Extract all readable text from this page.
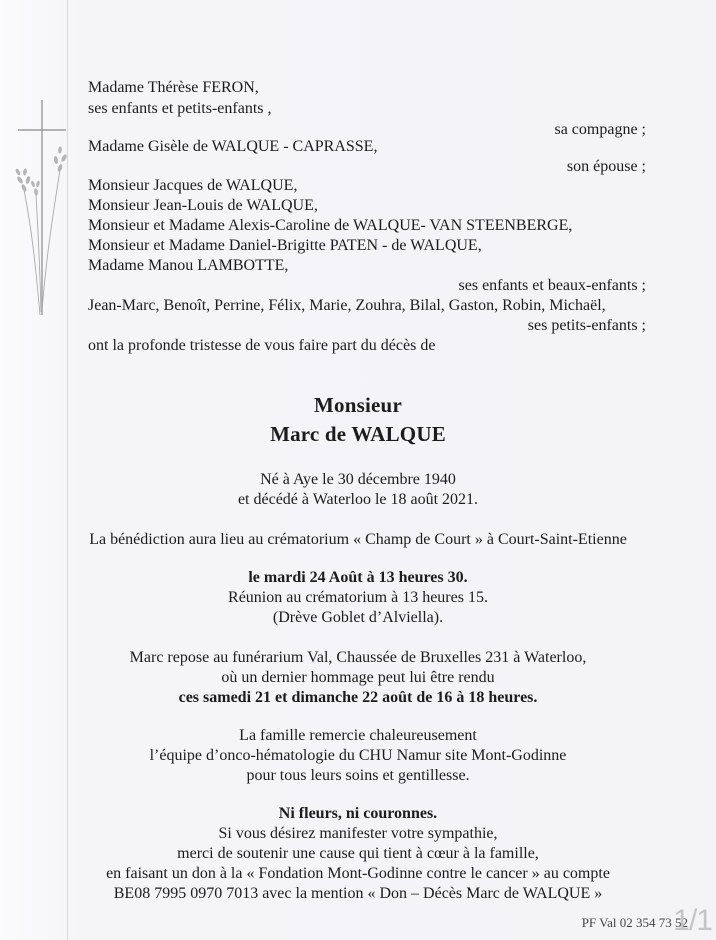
Madame Thérèse FERON,
ses enfants et petits-enfants ,
sa compagne ;
Madame Gisèle de WALQUE - CAPRASSE,
son épouse ;
Monsieur Jacques de WALQUE,
Monsieur Jean-Louis de WALQUE,
Monsieur et Madame Alexis-Caroline de WALQUE- VAN STEENBERGE,
Monsieur et Madame Daniel-Brigitte PATEN - de WALQUE,
Madame Manou LAMBOTTE,
ses enfants et beaux-enfants ;
Jean-Marc, Benoît, Perrine, Félix, Marie, Zouhra, Bilal, Gaston, Robin, Michaël,
ses petits-enfants ;
ont la profonde tristesse de vous faire part du décès de
Monsieur
Marc de WALQUE
Né à Aye le 30 décembre 1940
et décédé à Waterloo le 18 août 2021.
La bénédiction aura lieu au crématorium « Champ de Court » à Court-Saint-Etienne
le mardi 24 Août à 13 heures 30.
Réunion au crématorium à 13 heures 15.
(Drève Goblet d’Alviella).
Marc repose au funérarium Val, Chaussée de Bruxelles 231 à Waterloo,
où un dernier hommage peut lui être rendu
ces samedi 21 et dimanche 22 août de 16 à 18 heures.
La famille remercie chaleureusement
l’équipe d’onco-hématologie du CHU Namur site Mont-Godinne
pour tous leurs soins et gentillesse.
Ni fleurs, ni couronnes.
Si vous désirez manifester votre sympathie,
merci de soutenir une cause qui tient à cœur à la famille,
en faisant un don à la « Fondation Mont-Godinne contre le cancer » au compte
BE08 7995 0970 7013 avec la mention « Don – Décès Marc de WALQUE »
PF Val 02 354 73 52
1/1
